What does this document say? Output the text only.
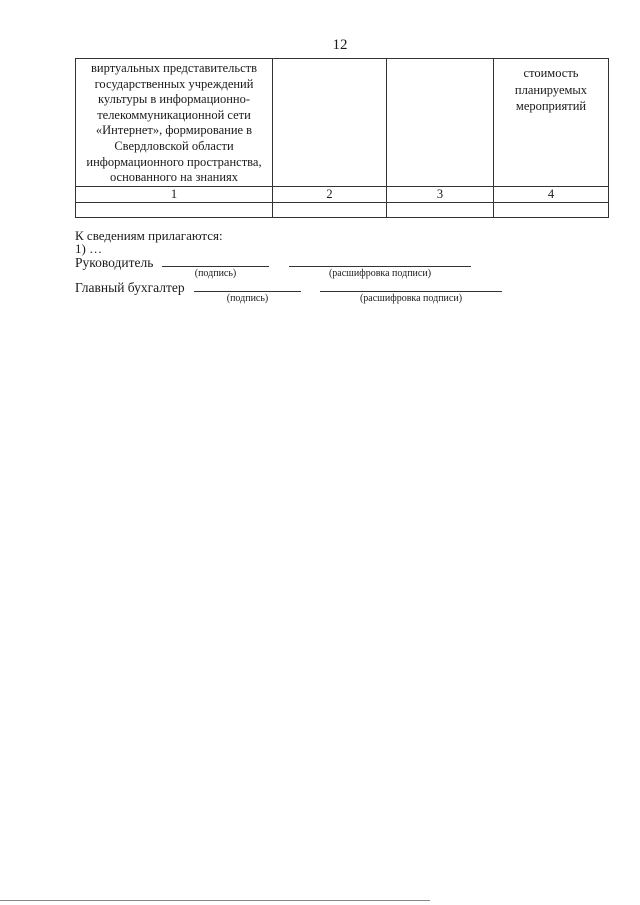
12
виртуальных представительств государственных учреждений культуры в информационно-телекоммуникационной сети «Интернет», формирование в Свердловской области информационного пространства, основанного на знаниях			стоимость планируемых мероприятий

1	2	3	4

К сведениям прилагаются:
1) …
Руководитель
(подпись)	(расшифровка подписи)
Главный бухгалтер
(подпись)	(расшифровка подписи)
